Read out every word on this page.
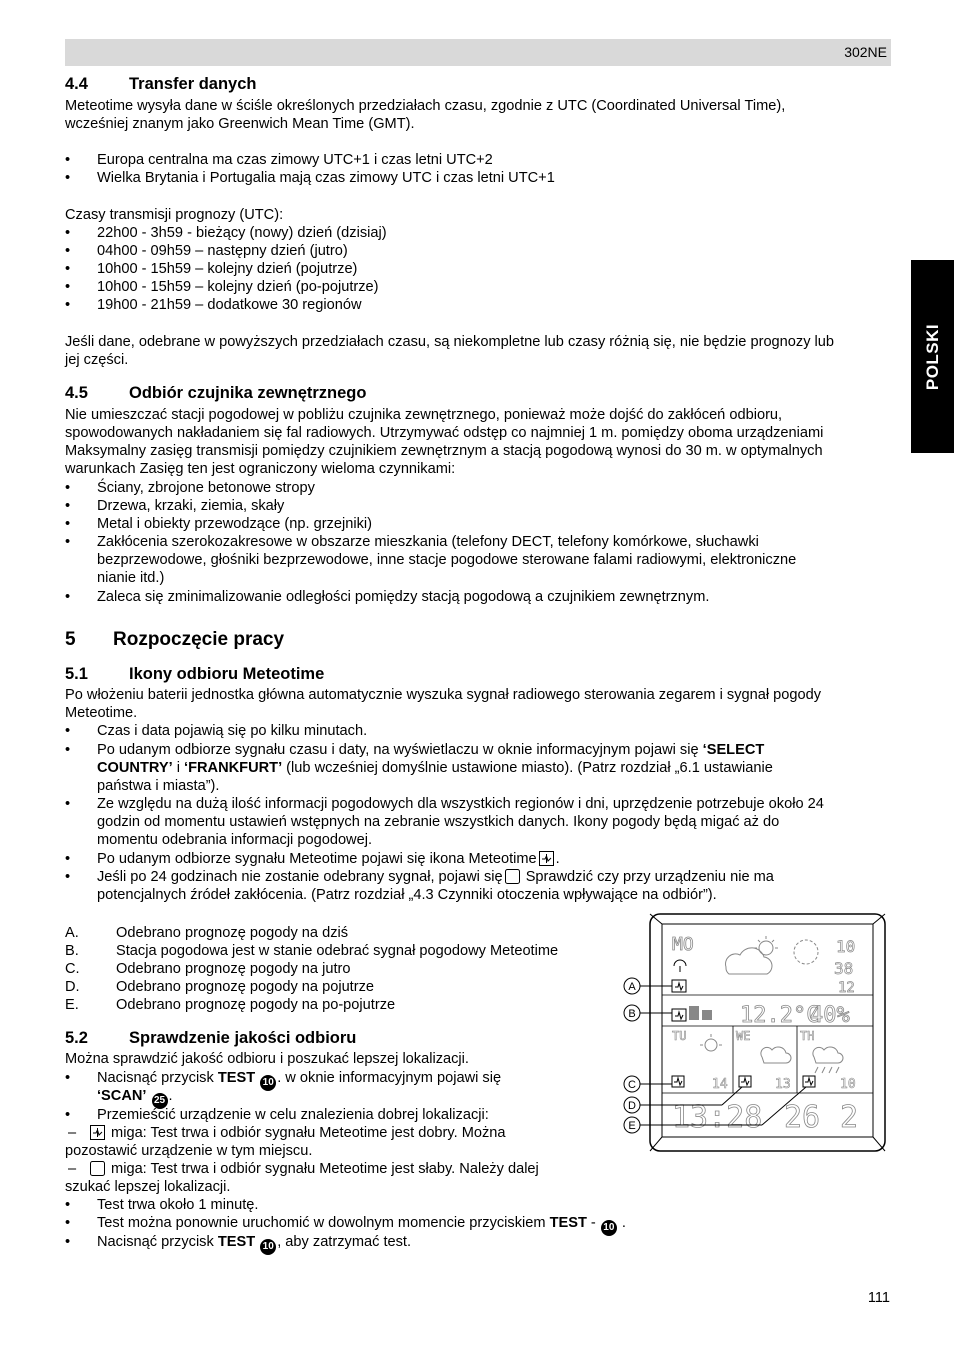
302NE
POLSKI
4.4 Transfer danych
Meteotime wysyła dane w ściśle określonych przedziałach czasu, zgodnie z UTC (Coordinated Universal Time),
wcześniej znanym jako Greenwich Mean Time (GMT).
• Europa centralna ma czas zimowy UTC+1 i czas letni UTC+2
• Wielka Brytania i Portugalia mają czas zimowy UTC i czas letni UTC+1
Czasy transmisji prognozy (UTC):
• 22h00 - 3h59 - bieżący (nowy) dzień (dzisiaj)
• 04h00 - 09h59 – następny dzień (jutro)
• 10h00 - 15h59 – kolejny dzień (pojutrze)
• 10h00 - 15h59 – kolejny dzień (po-pojutrze)
• 19h00 - 21h59 – dodatkowe 30 regionów
Jeśli dane, odebrane w powyższych przedziałach czasu, są niekompletne lub czasy różnią się, nie będzie prognozy lub
jej części.
4.5 Odbiór czujnika zewnętrznego
Nie umieszczać stacji pogodowej w pobliżu czujnika zewnętrznego, ponieważ może dojść do zakłóceń odbioru,
spowodowanych nakładaniem się fal radiowych. Utrzymywać odstęp co najmniej 1 m. pomiędzy oboma urządzeniami
Maksymalny zasięg transmisji pomiędzy czujnikiem zewnętrznym a stacją pogodową wynosi do 30 m. w optymalnych
warunkach Zasięg ten jest ograniczony wieloma czynnikami:
• Ściany, zbrojone betonowe stropy
• Drzewa, krzaki, ziemia, skały
• Metal i obiekty przewodzące (np. grzejniki)
• Zakłócenia szerokozakresowe w obszarze mieszkania (telefony DECT, telefony komórkowe, słuchawki
bezprzewodowe, głośniki bezprzewodowe, inne stacje pogodowe sterowane falami radiowymi, elektroniczne
nianie itd.)
• Zaleca się zminimalizowanie odległości pomiędzy stacją pogodową a czujnikiem zewnętrznym.
5 Rozpoczęcie pracy
5.1 Ikony odbioru Meteotime
Po włożeniu baterii jednostka główna automatycznie wyszuka sygnał radiowego sterowania zegarem i sygnał pogody
Meteotime.
• Czas i data pojawią się po kilku minutach.
• Po udanym odbiorze sygnału czasu i daty, na wyświetlaczu w oknie informacyjnym pojawi się ‘SELECT
COUNTRY’ i ‘FRANKFURT’ (lub wcześniej domyślnie ustawione miasto). (Patrz rozdział „6.1 ustawianie
państwa i miasta”).
• Ze względu na dużą ilość informacji pogodowych dla wszystkich regionów i dni, uprzędzenie potrzebuje około 24
godzin od momentu ustawień wstępnych na zebranie wszystkich danych. Ikony pogody będą migać aż do
momentu odebrania informacji pogodowej.
• Po udanym odbiorze sygnału Meteotime pojawi się ikona Meteotime .
• Jeśli po 24 godzinach nie zostanie odebrany sygnał, pojawi się Sprawdzić czy przy urządzeniu nie ma
potencjalnych źródeł zakłócenia. (Patrz rozdział „4.3 Czynniki otoczenia wpływające na odbiór”).
A.	Odebrano prognozę pogody na dziś
B.	Stacja pogodowa jest w stanie odebrać sygnał pogodowy Meteotime
C. Odebrano prognozę pogody na jutro
D. Odebrano prognozę pogody na pojutrze
E.	Odebrano prognozę pogody na po-pojutrze
5.2 Sprawdzenie jakości odbioru
Można sprawdzić jakość odbioru i poszukać lepszej lokalizacji.
• Nacisnąć przycisk TEST 10 . w oknie informacyjnym pojawi się
‘SCAN’ 25 .
• Przemieścić urządzenie w celu znalezienia dobrej lokalizacji:
–	miga: Test trwa i odbiór sygnału Meteotime jest dobry. Można
pozostawić urządzenie w tym miejscu.
–	miga: Test trwa i odbiór sygnału Meteotime jest słaby. Należy dalej
szukać lepszej lokalizacji.
• Test trwa około 1 minutę.
• Test można ponownie uruchomić w dowolnym momencie przyciskiem TEST - 10 .
• Nacisnąć przycisk TEST 10 , aby zatrzymać test.
MO	10
38
12
12.2°C
40%
TU	WE	TH
14	13	10
13:28 26 2
A
B
C
D
E
111
